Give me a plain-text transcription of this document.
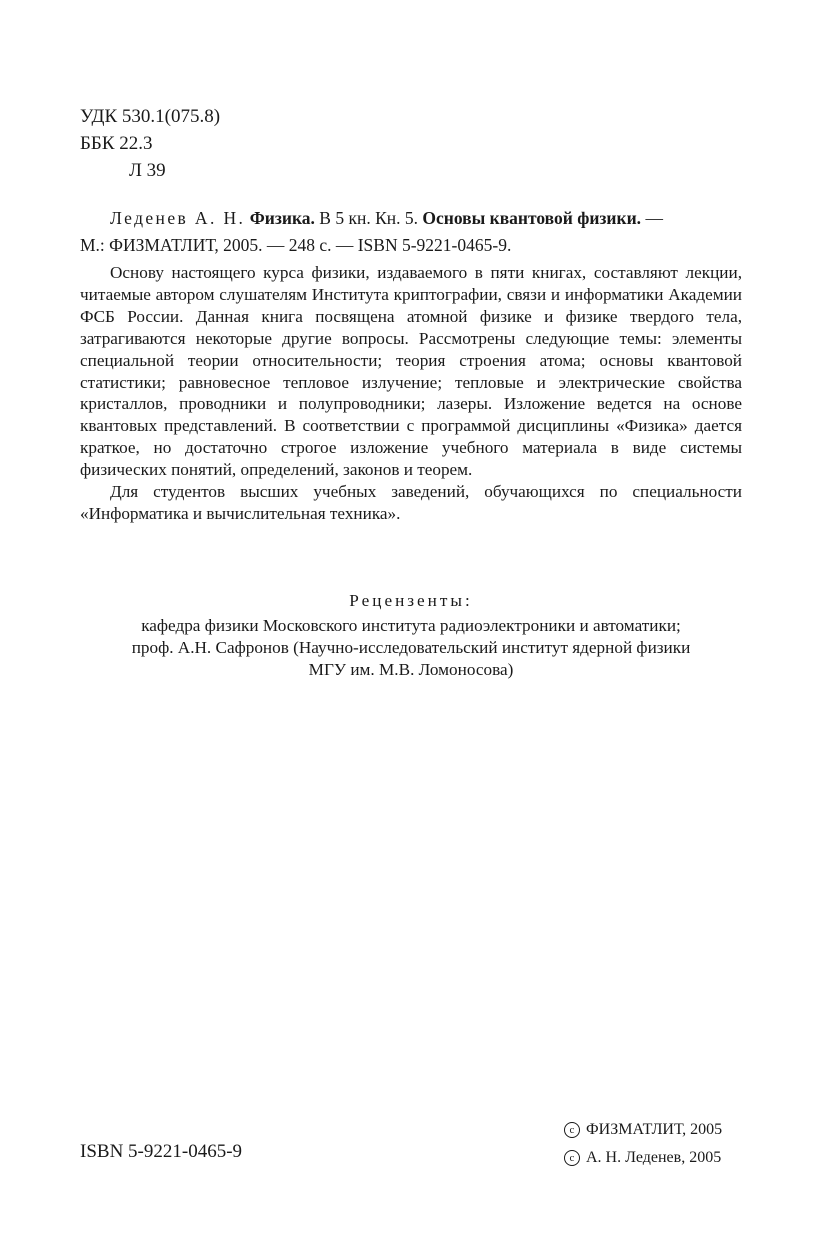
УДК 530.1(075.8)
ББК 22.3
Л 39
Леденев А. Н. Физика. В 5 кн. Кн. 5. Основы квантовой физики. —
М.: ФИЗМАТЛИТ, 2005. — 248 с. — ISBN 5-9221-0465-9.

Основу настоящего курса физики, издаваемого в пяти книгах, составляют лекции, читаемые автором слушателям Института криптографии, связи и информатики Академии ФСБ России. Данная книга посвящена атомной физике и физике твердого тела, затрагиваются некоторые другие вопросы. Рассмотрены следующие темы: элементы специальной теории относительности; теория строения атома; основы квантовой статистики; равновесное тепловое излучение; тепловые и электрические свойства кристаллов, проводники и полупроводники; лазеры. Изложение ведется на основе квантовых представлений. В соответствии с программой дисциплины «Физика» дается краткое, но достаточно строгое изложение учебного материала в виде системы физических понятий, определений, законов и теорем.

Для студентов высших учебных заведений, обучающихся по специальности «Информатика и вычислительная техника».

Рецензенты:
кафедра физики Московского института радиоэлектроники и автоматики;
проф. А.Н. Сафронов (Научно-исследовательский институт ядерной физики
МГУ им. М.В. Ломоносова)
ISBN 5-9221-0465-9
c ФИЗМАТЛИТ, 2005
c А. Н. Леденев, 2005
